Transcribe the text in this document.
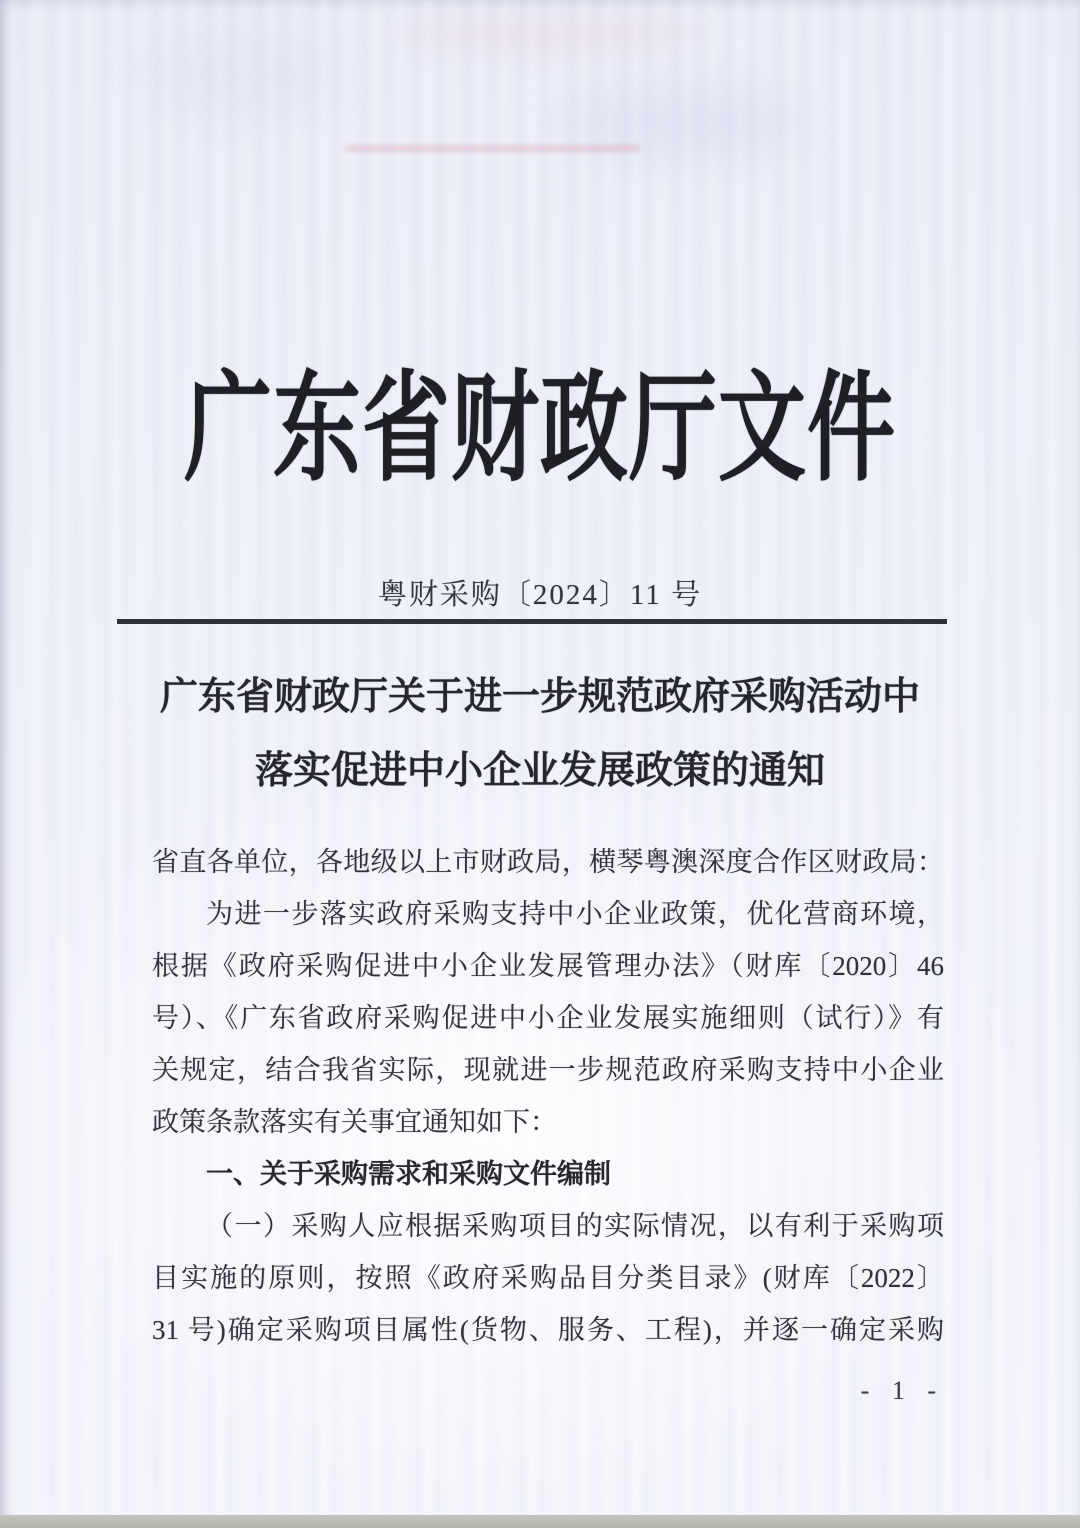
广东省财政厅文件
粤财采购〔2024〕11 号
广东省财政厅关于进一步规范政府采购活动中
落实促进中小企业发展政策的通知
省直各单位，各地级以上市财政局，横琴粤澳深度合作区财政局：
为进一步落实政府采购支持中小企业政策，优化营商环境，
根据《政府采购促进中小企业发展管理办法》（财库〔2020〕46
号）、《广东省政府采购促进中小企业发展实施细则（试行）》有
关规定，结合我省实际，现就进一步规范政府采购支持中小企业
政策条款落实有关事宜通知如下：
一、关于采购需求和采购文件编制
（一）采购人应根据采购项目的实际情况，以有利于采购项
目实施的原则，按照《政府采购品目分类目录》(财库〔2022〕
31 号)确定采购项目属性(货物、服务、工程)，并逐一确定采购
- 1 -
